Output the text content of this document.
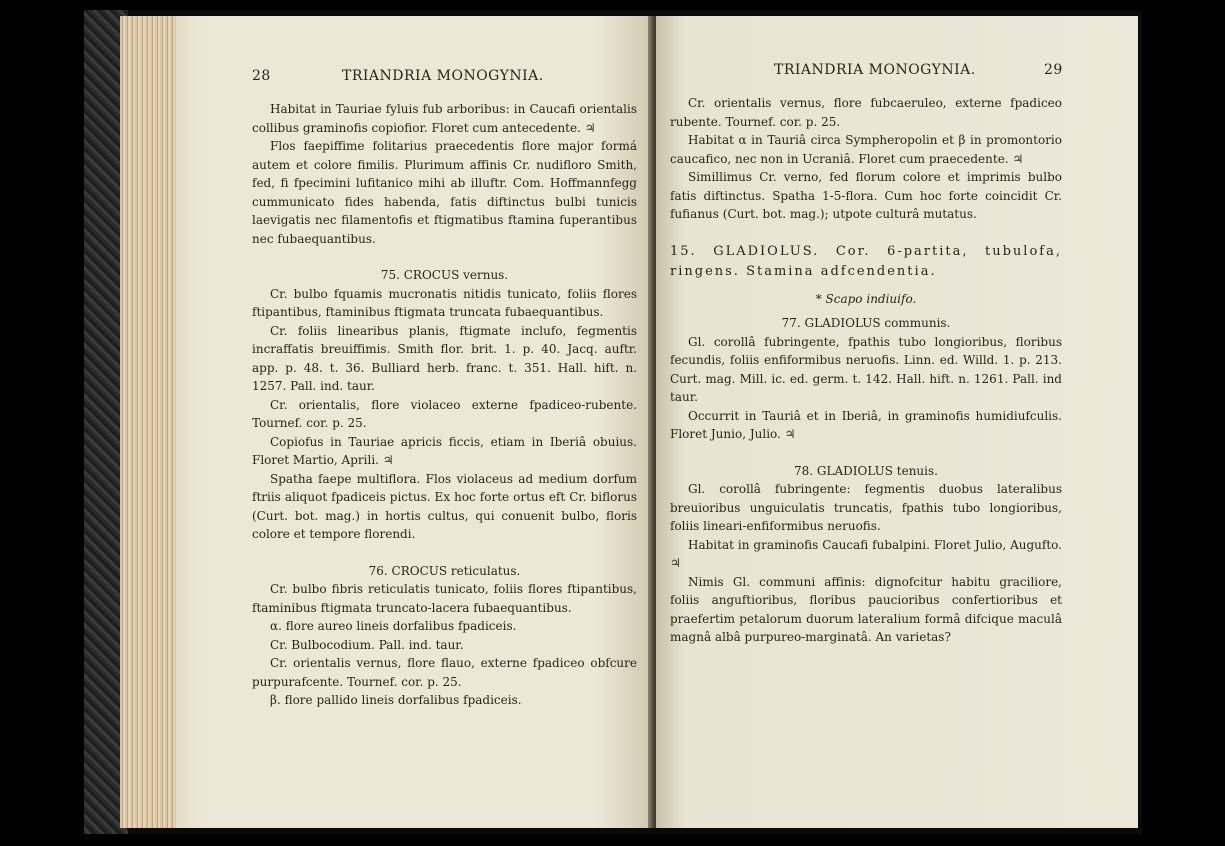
28	TRIANDRIA MONOGYNIA.

Habitat in Tauriae fyluis fub arboribus: in Caucafi orientalis collibus graminofis copiofior. Floret cum antecedente. ♃

Flos faepiffime folitarius praecedentis flore major formá autem et colore fimilis. Plurimum affinis Cr. nudifloro Smith, fed, fi fpecimini lufitanico mihi ab illuftr. Com. Hoffmannfegg cummunicato fides habenda, fatis diftinctus bulbi tunicis laevigatis nec filamentofis et ftigmatibus ftamina fuperantibus nec fubaequantibus.

75. CROCUS vernus.

Cr. bulbo fquamis mucronatis nitidis tunicato, foliis flores ftipantibus, ftaminibus ftigmata truncata fubaequantibus.

Cr. foliis linearibus planis, ftigmate inclufo, fegmentis incraffatis breuiffimis. Smith flor. brit. 1. p. 40. Jacq. auftr. app. p. 48. t. 36. Bulliard herb. franc. t. 351. Hall. hift. n. 1257. Pall. ind. taur.

Cr. orientalis, flore violaceo externe fpadiceo-rubente. Tournef. cor. p. 25.

Copiofus in Tauriae apricis ficcis, etiam in Iberiâ obuius. Floret Martio, Aprili. ♃

Spatha faepe multiflora. Flos violaceus ad medium dorfum ftriis aliquot fpadiceis pictus. Ex hoc forte ortus eft Cr. biflorus (Curt. bot. mag.) in hortis cultus, qui conuenit bulbo, floris colore et tempore florendi.

76. CROCUS reticulatus.

Cr. bulbo fibris reticulatis tunicato, foliis flores ftipantibus, ftaminibus ftigmata truncato-lacera fubaequantibus.

α. flore aureo lineis dorfalibus fpadiceis.

Cr. Bulbocodium. Pall. ind. taur.

Cr. orientalis vernus, flore flauo, externe fpadiceo obfcure purpurafcente. Tournef. cor. p. 25.

β. flore pallido lineis dorfalibus fpadiceis.

TRIANDRIA MONOGYNIA.	29

Cr. orientalis vernus, flore fubcaeruleo, externe fpadiceo rubente. Tournef. cor. p. 25.

Habitat α in Tauriâ circa Sympheropolin et β in promontorio caucafico, nec non in Ucraniâ. Floret cum praecedente. ♃

Simillimus Cr. verno, fed florum colore et imprimis bulbo fatis diftinctus. Spatha 1-5-flora. Cum hoc forte coincidit Cr. fufianus (Curt. bot. mag.); utpote culturâ mutatus.

15. GLADIOLUS. Cor. 6-partita, tubulofa, ringens. Stamina adfcendentia.

* Scapo indiuifo.

77. GLADIOLUS communis.

Gl. corollâ fubringente, fpathis tubo longioribus, floribus fecundis, foliis enfiformibus neruofis. Linn. ed. Willd. 1. p. 213. Curt. mag. Mill. ic. ed. germ. t. 142. Hall. hift. n. 1261. Pall. ind taur.

Occurrit in Tauriâ et in Iberiâ, in graminofis humidiufculis. Floret Junio, Julio. ♃

78. GLADIOLUS tenuis.

Gl. corollâ fubringente: fegmentis duobus lateralibus breuioribus unguiculatis truncatis, fpathis tubo longioribus, foliis lineari-enfiformibus neruofis.

Habitat in graminofis Caucafi fubalpini. Floret Julio, Augufto. ♃

Nimis Gl. communi affinis: dignofcitur habitu graciliore, foliis anguftioribus, floribus paucioribus confertioribus et praefertim petalorum duorum lateralium formâ difcique maculâ magnâ albâ purpureo-marginatâ. An varietas?
